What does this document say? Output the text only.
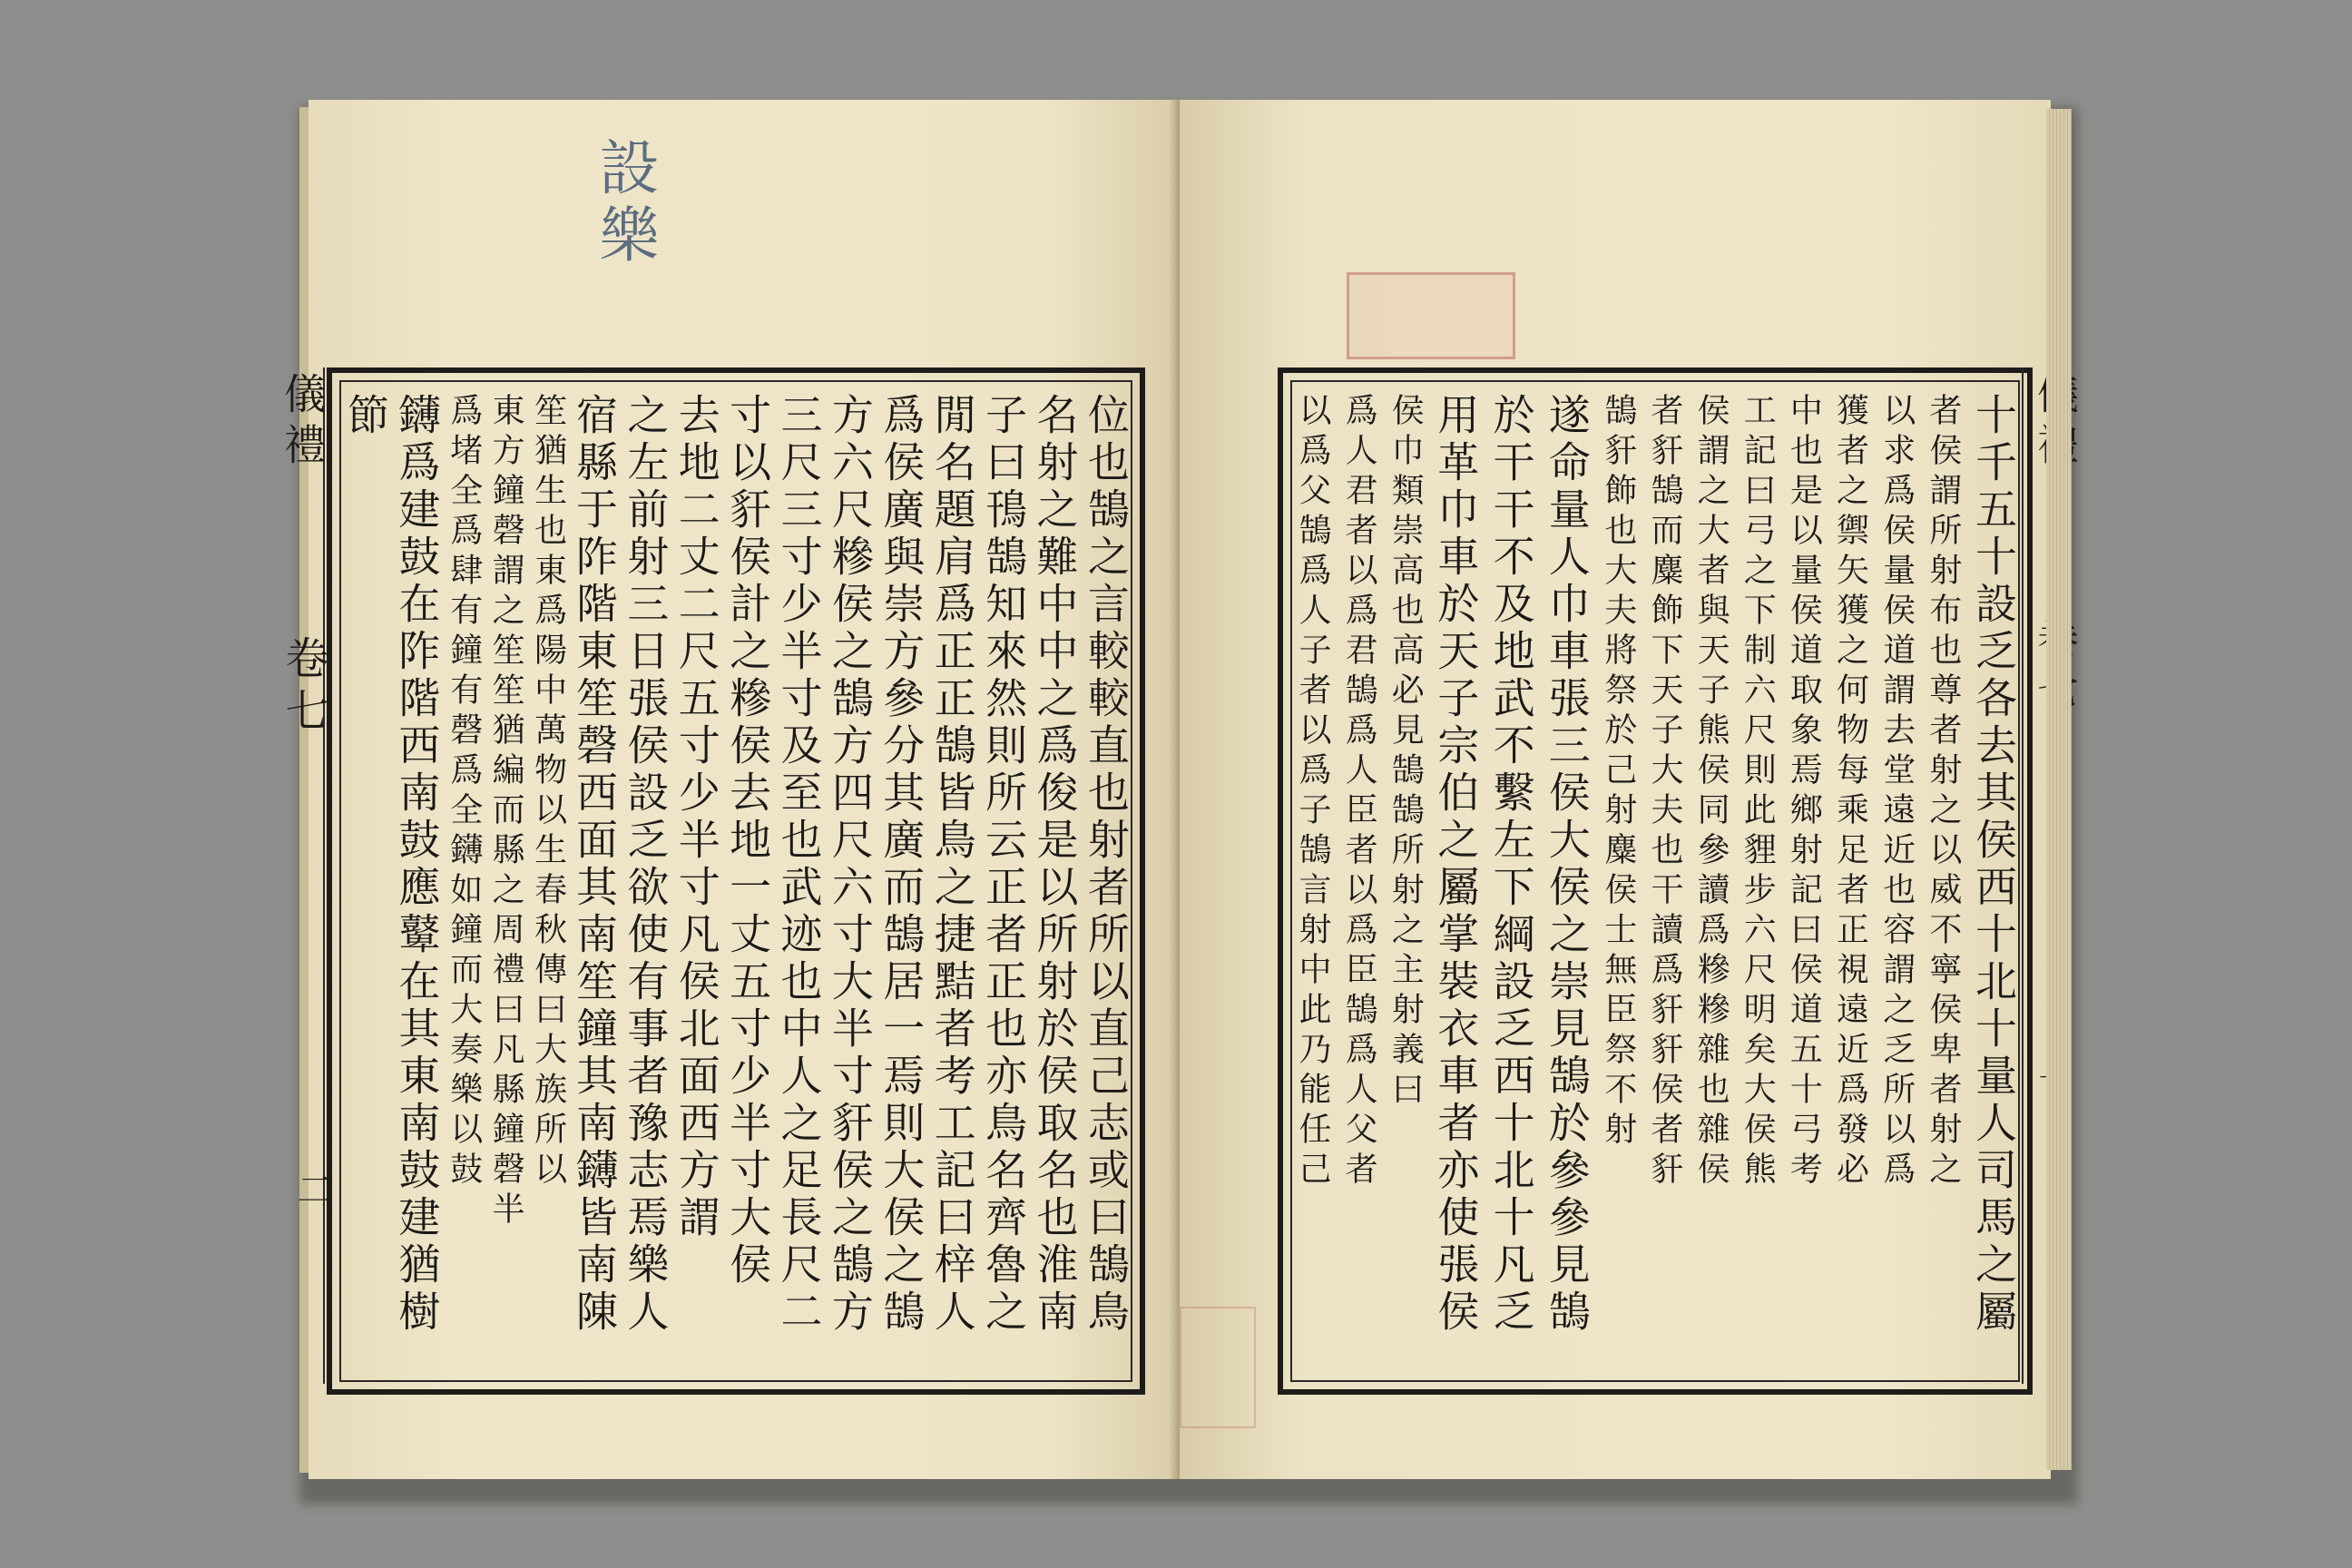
設樂
儀禮
卷七
二	位也鵠之言較較直也射者所以直己志或曰鵠鳥
名射之難中中之爲俊是以所射於侯取名也淮南
子曰鳱鵠知來然則所云正者正也亦鳥名齊魯之
閒名題肩爲正正鵠皆鳥之捷黠者考工記曰梓人
爲侯廣與崇方參分其廣而鵠居一焉則大侯之鵠
方六尺糝侯之鵠方四尺六寸大半寸豻侯之鵠方
三尺三寸少半寸及至也武迹也中人之足長尺二
寸以豻侯計之糝侯去地一丈五寸少半寸大侯
去地二丈二尺五寸少半寸凡侯北面西方謂
之左前射三日張侯設乏欲使有事者豫志焉樂人
宿縣于阼階東笙磬西面其南笙鐘其南鑮皆南陳
笙猶生也東爲陽中萬物以生春秋傳曰大族所以
東方鐘磬謂之笙笙猶編而縣之周禮曰凡縣鐘磬半
爲堵全爲肆有鐘有磬爲全鑮如鐘而大奏樂以鼓
鑮爲建鼓在阼階西南鼓應鼙在其東南鼓建猶樹
節	十千五十設乏各去其侯西十北十量人司馬之屬
者侯謂所射布也尊者射之以威不寧侯卑者射之
以求爲侯量侯道謂去堂遠近也容謂之乏所以爲
獲者之禦矢獲之何物每乘足者正視遠近爲發必
中也是以量侯道取象焉鄉射記曰侯道五十弓考
工記曰弓之下制六尺則此貍步六尺明矣大侯熊
侯謂之大者與天子熊侯同參讀爲糝糝雜也雜侯
者豻鵠而麋飾下天子大夫也干讀爲豻豻侯者豻
鵠豻飾也大夫將祭於己射麋侯士無臣祭不射
遂命量人巾車張三侯大侯之崇見鵠於參參見鵠
於干干不及地武不繫左下綱設乏西十北十凡乏
用革巾車於天子宗伯之屬掌裝衣車者亦使張侯
侯巾類崇高也高必見鵠鵠所射之主射義曰
爲人君者以爲君鵠爲人臣者以爲臣鵠爲人父者
以爲父鵠爲人子者以爲子鵠言射中此乃能任己
